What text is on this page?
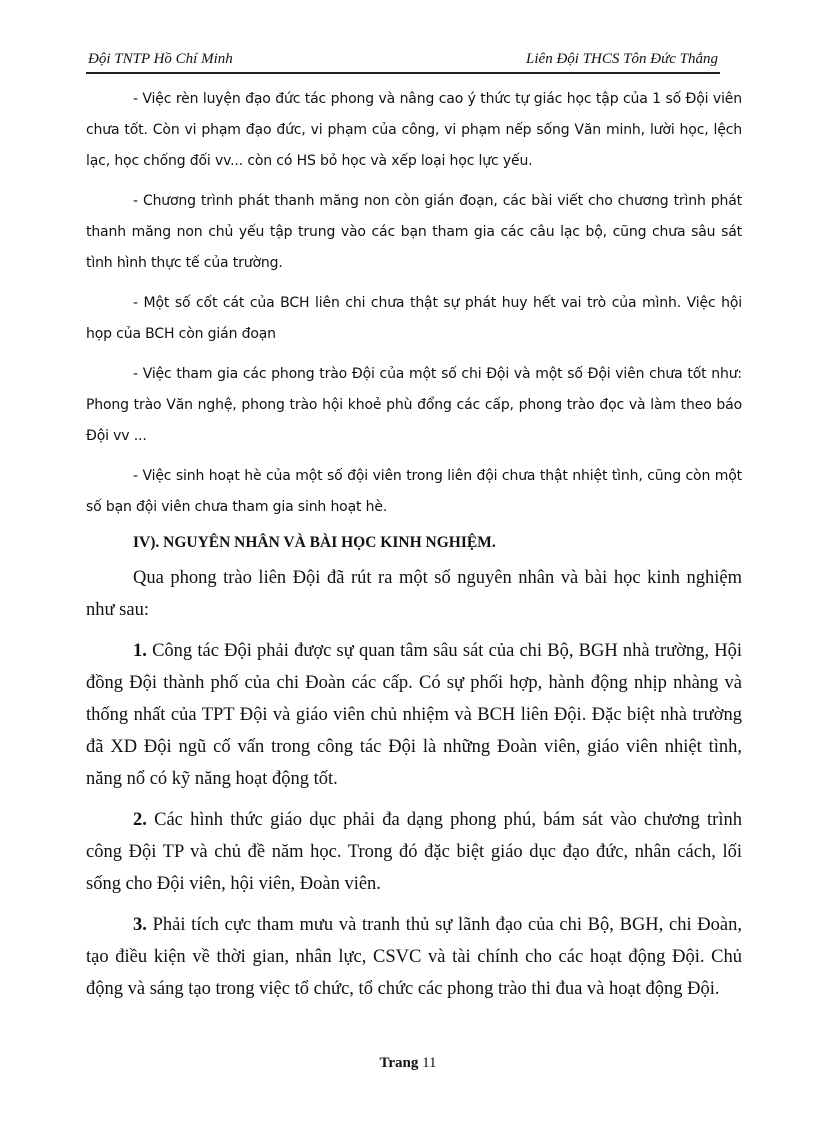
Đội TNTP Hồ Chí Minh	Liên Đội THCS Tôn Đức Thắng

- Việc rèn luyện đạo đức tác phong và nâng cao ý thức tự giác học tập của 1 số Đội viên chưa tốt. Còn vi phạm đạo đức, vi phạm của công, vi phạm nếp sống Văn minh, lười học, lệch lạc, học chống đối vv... còn có HS bỏ học và xếp loại học lực yếu.

- Chương trình phát thanh măng non còn gián đoạn, các bài viết cho chương trình phát thanh măng non chủ yếu tập trung vào các bạn tham gia các câu lạc bộ, cũng chưa sâu sát tình hình thực tế của trường.

- Một số cốt cát của BCH liên chi chưa thật sự phát huy hết vai trò của mình. Việc hội họp của BCH còn gián đoạn

- Việc tham gia các phong trào Đội của một số chi Đội và một số Đội viên chưa tốt như: Phong trào Văn nghệ, phong trào hội khoẻ phù đổng các cấp, phong trào đọc và làm theo báo Đội vv ...

- Việc sinh hoạt hè của một số đội viên trong liên đội chưa thật nhiệt tình, cũng còn một số bạn đội viên chưa tham gia sinh hoạt hè.

IV). NGUYÊN NHÂN VÀ BÀI HỌC KINH NGHIỆM.

Qua phong trào liên Đội đã rút ra một số nguyên nhân và bài học kinh nghiệm như sau:

1. Công tác Đội phải được sự quan tâm sâu sát của chi Bộ, BGH nhà trường, Hội đồng Đội thành phố của chi Đoàn các cấp. Có sự phối hợp, hành động nhịp nhàng và thống nhất của TPT Đội và giáo viên chủ nhiệm và BCH liên Đội. Đặc biệt nhà trường đã XD Đội ngũ cố vấn trong công tác Đội là những Đoàn viên, giáo viên nhiệt tình, năng nổ có kỹ năng hoạt động tốt.

2. Các hình thức giáo dục phải đa dạng phong phú, bám sát vào chương trình công Đội TP và chủ đề năm học. Trong đó đặc biệt giáo dục đạo đức, nhân cách, lối sống cho Đội viên, hội viên, Đoàn viên.

3. Phải tích cực tham mưu và tranh thủ sự lãnh đạo của chi Bộ, BGH, chi Đoàn, tạo điều kiện về thời gian, nhân lực, CSVC và tài chính cho các hoạt động Đội. Chủ động và sáng tạo trong việc tổ chức, tổ chức các phong trào thi đua và hoạt động Đội.

Trang 11
